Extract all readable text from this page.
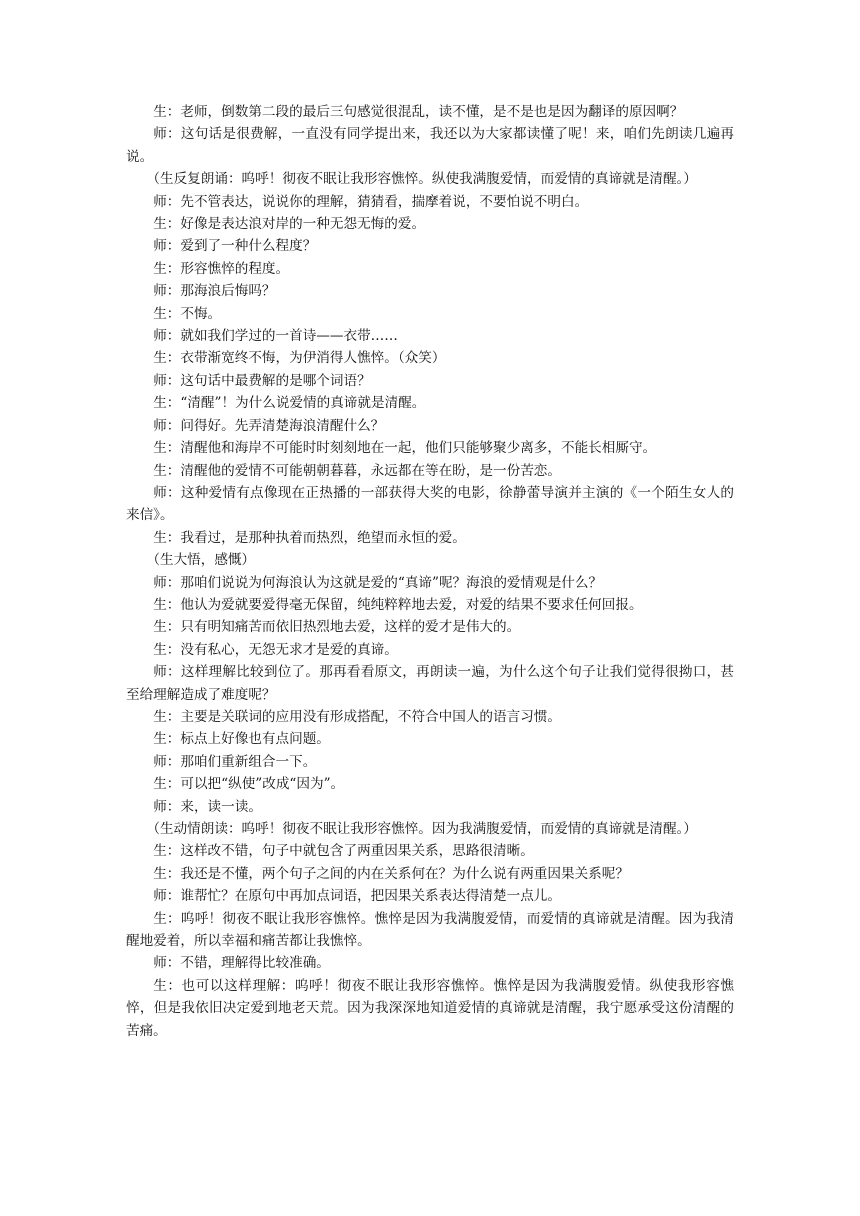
生：老师，倒数第二段的最后三句感觉很混乱，读不懂，是不是也是因为翻译的原因啊？

师：这句话是很费解，一直没有同学提出来，我还以为大家都读懂了呢！来，咱们先朗读几遍再说。

（生反复朗诵：呜呼！彻夜不眠让我形容憔悴。纵使我满腹爱情，而爱情的真谛就是清醒。）

师：先不管表达，说说你的理解，猜猜看，揣摩着说，不要怕说不明白。

生：好像是表达浪对岸的一种无怨无悔的爱。

师：爱到了一种什么程度？

生：形容憔悴的程度。

师：那海浪后悔吗？

生：不悔。

师：就如我们学过的一首诗——衣带……

生：衣带渐宽终不悔，为伊消得人憔悴。（众笑）

师：这句话中最费解的是哪个词语？

生：“清醒”！为什么说爱情的真谛就是清醒。

师：问得好。先弄清楚海浪清醒什么？

生：清醒他和海岸不可能时时刻刻地在一起，他们只能够聚少离多，不能长相厮守。

生：清醒他的爱情不可能朝朝暮暮，永远都在等在盼，是一份苦恋。

师：这种爱情有点像现在正热播的一部获得大奖的电影，徐静蕾导演并主演的《一个陌生女人的来信》。

生：我看过，是那种执着而热烈，绝望而永恒的爱。

（生大悟，感慨）

师：那咱们说说为何海浪认为这就是爱的“真谛”呢？海浪的爱情观是什么？

生：他认为爱就要爱得毫无保留，纯纯粹粹地去爱，对爱的结果不要求任何回报。

生：只有明知痛苦而依旧热烈地去爱，这样的爱才是伟大的。

生：没有私心，无怨无求才是爱的真谛。

师：这样理解比较到位了。那再看看原文，再朗读一遍，为什么这个句子让我们觉得很拗口，甚至给理解造成了难度呢？

生：主要是关联词的应用没有形成搭配，不符合中国人的语言习惯。

生：标点上好像也有点问题。

师：那咱们重新组合一下。

生：可以把“纵使”改成“因为”。

师：来，读一读。

（生动情朗读：呜呼！彻夜不眠让我形容憔悴。因为我满腹爱情，而爱情的真谛就是清醒。）

生：这样改不错，句子中就包含了两重因果关系，思路很清晰。

生：我还是不懂，两个句子之间的内在关系何在？为什么说有两重因果关系呢？

师：谁帮忙？在原句中再加点词语，把因果关系表达得清楚一点儿。

生：呜呼！彻夜不眠让我形容憔悴。憔悴是因为我满腹爱情，而爱情的真谛就是清醒。因为我清醒地爱着，所以幸福和痛苦都让我憔悴。

师：不错，理解得比较准确。

生：也可以这样理解：呜呼！彻夜不眠让我形容憔悴。憔悴是因为我满腹爱情。纵使我形容憔悴，但是我依旧决定爱到地老天荒。因为我深深地知道爱情的真谛就是清醒，我宁愿承受这份清醒的苦痛。
